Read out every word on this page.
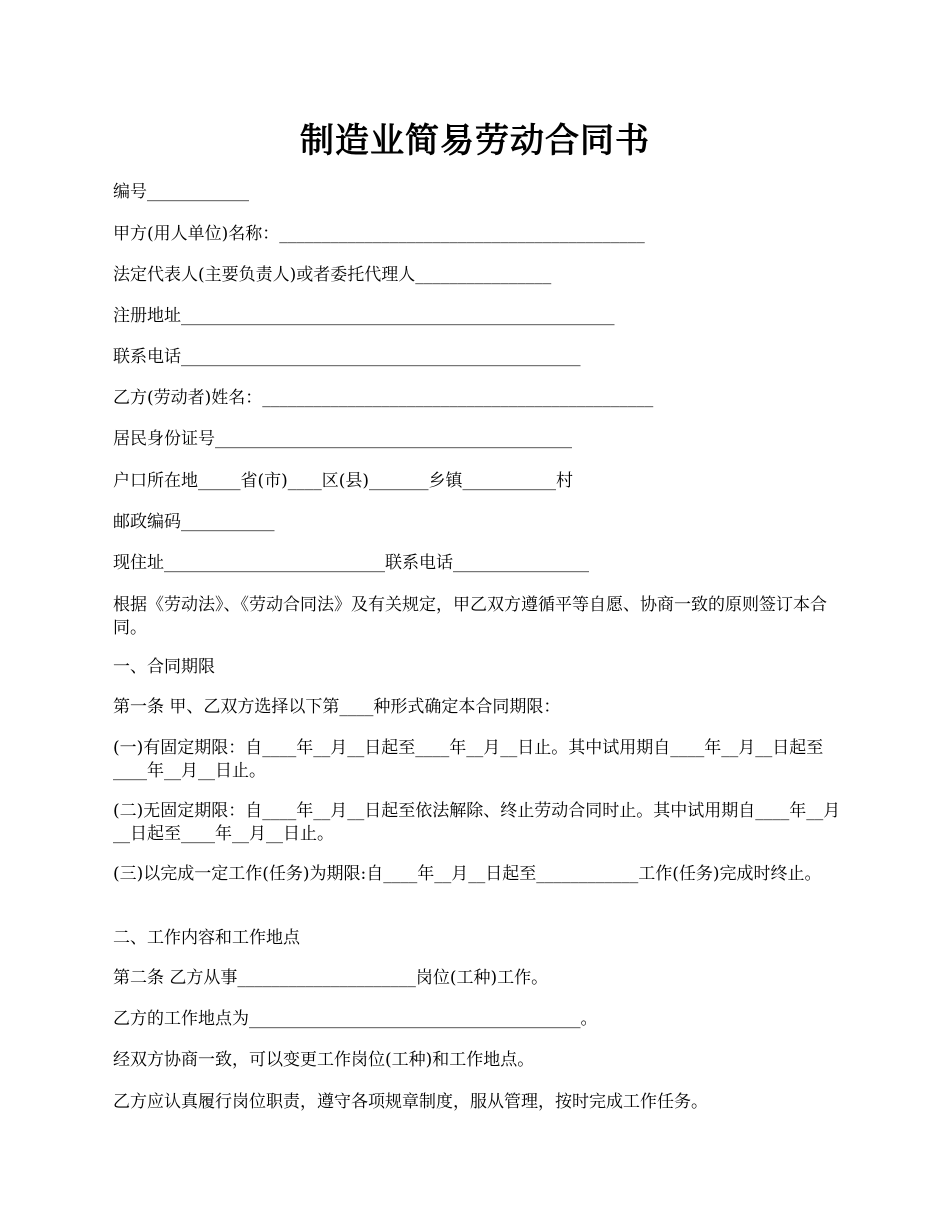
制造业简易劳动合同书
编号____________
甲方(用人单位)名称：___________________________________________
法定代表人(主要负责人)或者委托代理人________________
注册地址___________________________________________________
联系电话_______________________________________________
乙方(劳动者)姓名：______________________________________________
居民身份证号__________________________________________
户口所在地_____省(市)____区(县)_______乡镇___________村
邮政编码___________
现住址__________________________联系电话________________
根据《劳动法》、《劳动合同法》及有关规定，甲乙双方遵循平等自愿、协商一致的原则签订本合同。
一、合同期限
第一条 甲、乙双方选择以下第____种形式确定本合同期限：
(一)有固定期限：自____年__月__日起至____年__月__日止。其中试用期自____年__月__日起至____年__月__日止。
(二)无固定期限：自____年__月__日起至依法解除、终止劳动合同时止。其中试用期自____年__月__日起至____年__月__日止。
(三)以完成一定工作(任务)为期限:自____年__月__日起至____________工作(任务)完成时终止。
二、工作内容和工作地点
第二条 乙方从事_____________________岗位(工种)工作。
乙方的工作地点为_______________________________________。
经双方协商一致，可以变更工作岗位(工种)和工作地点。
乙方应认真履行岗位职责，遵守各项规章制度，服从管理，按时完成工作任务。
